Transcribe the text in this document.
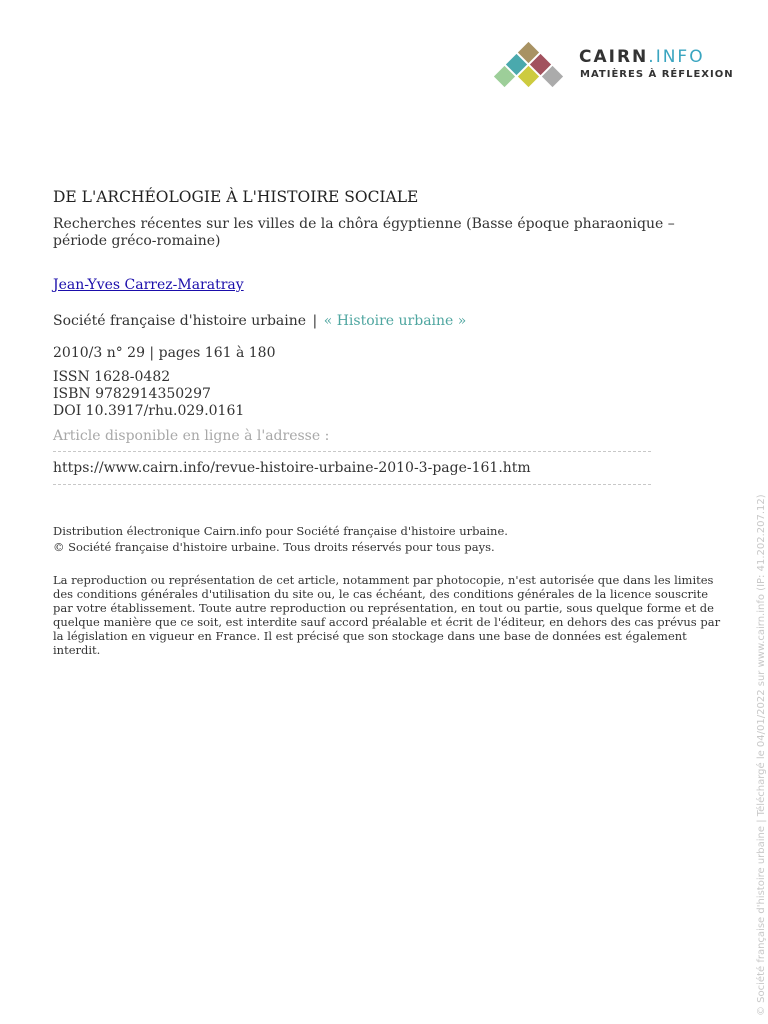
CAIRN.INFO
MATIÈRES À RÉFLEXION
DE L'ARCHÉOLOGIE À L'HISTOIRE SOCIALE
Recherches récentes sur les villes de la chôra égyptienne (Basse époque pharaonique – période gréco-romaine)
Jean-Yves Carrez-Maratray
Société française d'histoire urbaine | « Histoire urbaine »
2010/3 n° 29 | pages 161 à 180
ISSN 1628-0482
ISBN 9782914350297
DOI 10.3917/rhu.029.0161
Article disponible en ligne à l'adresse :
https://www.cairn.info/revue-histoire-urbaine-2010-3-page-161.htm
Distribution électronique Cairn.info pour Société française d'histoire urbaine.
© Société française d'histoire urbaine. Tous droits réservés pour tous pays.
La reproduction ou représentation de cet article, notamment par photocopie, n'est autorisée que dans les limites des conditions générales d'utilisation du site ou, le cas échéant, des conditions générales de la licence souscrite par votre établissement. Toute autre reproduction ou représentation, en tout ou partie, sous quelque forme et de quelque manière que ce soit, est interdite sauf accord préalable et écrit de l'éditeur, en dehors des cas prévus par la législation en vigueur en France. Il est précisé que son stockage dans une base de données est également interdit.	© Société française d'histoire urbaine | Téléchargé le 04/01/2022 sur www.cairn.info (IP: 41.202.207.12)
